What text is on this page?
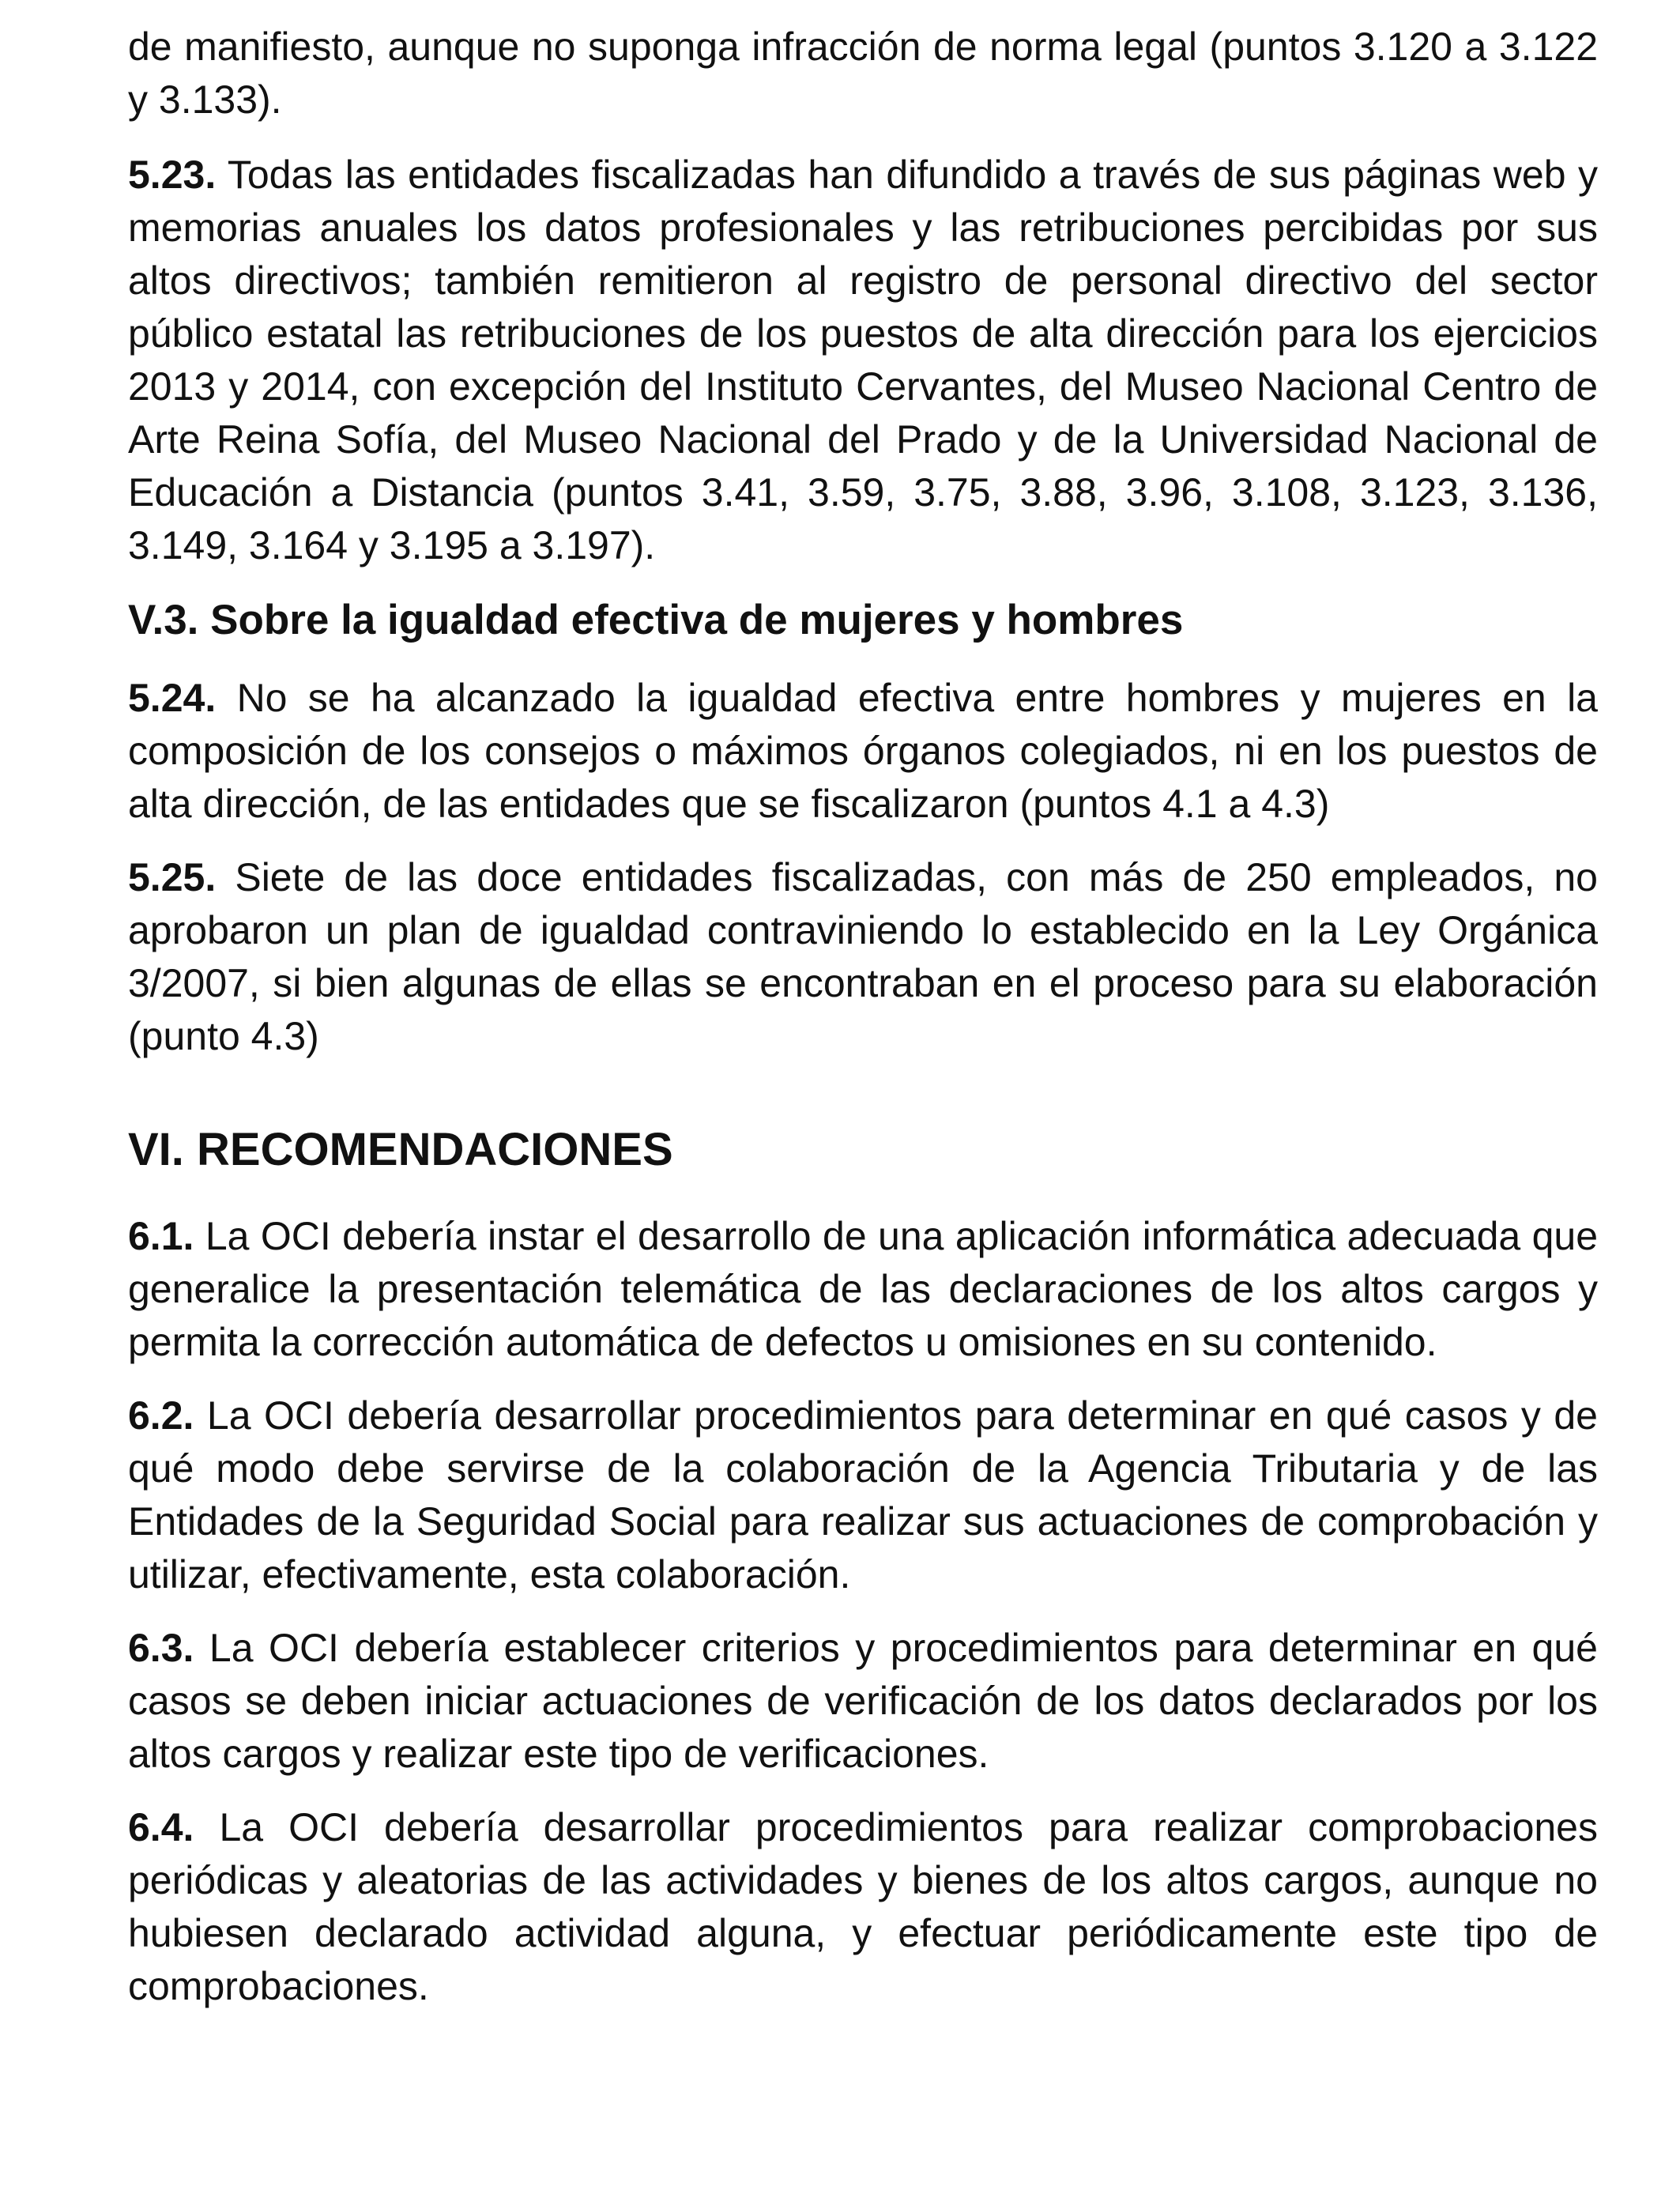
de manifiesto, aunque no suponga infracción de norma legal (puntos 3.120 a 3.122 y 3.133).

5.23. Todas las entidades fiscalizadas han difundido a través de sus páginas web y memorias anuales los datos profesionales y las retribuciones percibidas por sus altos directivos; también remitieron al registro de personal directivo del sector público estatal las retribuciones de los puestos de alta dirección para los ejercicios 2013 y 2014, con excepción del Instituto Cervantes, del Museo Nacional Centro de Arte Reina Sofía, del Museo Nacional del Prado y de la Universidad Nacional de Educación a Distancia (puntos 3.41, 3.59, 3.75, 3.88, 3.96, 3.108, 3.123, 3.136, 3.149, 3.164 y 3.195 a 3.197).

V.3. Sobre la igualdad efectiva de mujeres y hombres

5.24. No se ha alcanzado la igualdad efectiva entre hombres y mujeres en la composición de los consejos o máximos órganos colegiados, ni en los puestos de alta dirección, de las entidades que se fiscalizaron (puntos 4.1 a 4.3)

5.25. Siete de las doce entidades fiscalizadas, con más de 250 empleados, no aprobaron un plan de igualdad contraviniendo lo establecido en la Ley Orgánica 3/2007, si bien algunas de ellas se encontraban en el proceso para su elaboración (punto 4.3)

VI. RECOMENDACIONES

6.1. La OCI debería instar el desarrollo de una aplicación informática adecuada que generalice la presentación telemática de las declaraciones de los altos cargos y permita la corrección automática de defectos u omisiones en su contenido.

6.2. La OCI debería desarrollar procedimientos para determinar en qué casos y de qué modo debe servirse de la colaboración de la Agencia Tributaria y de las Entidades de la Seguridad Social para realizar sus actuaciones de comprobación y utilizar, efectivamente, esta colaboración.

6.3. La OCI debería establecer criterios y procedimientos para determinar en qué casos se deben iniciar actuaciones de verificación de los datos declarados por los altos cargos y realizar este tipo de verificaciones.

6.4. La OCI debería desarrollar procedimientos para realizar comprobaciones periódicas y aleatorias de las actividades y bienes de los altos cargos, aunque no hubiesen declarado actividad alguna, y efectuar periódicamente este tipo de comprobaciones.
